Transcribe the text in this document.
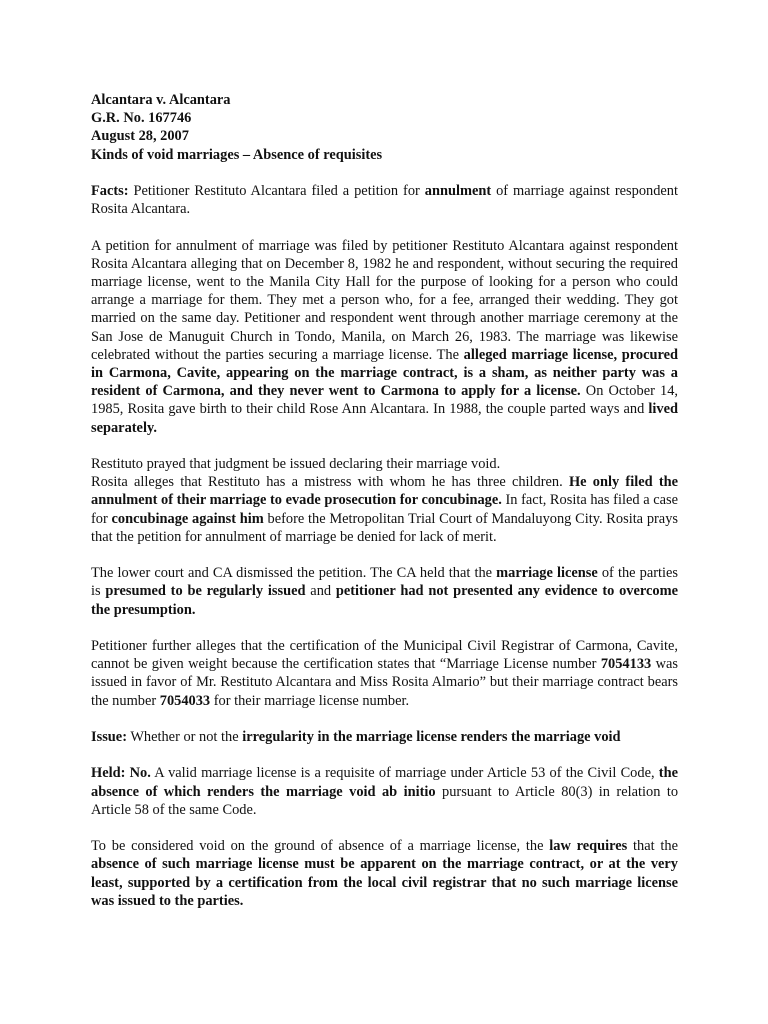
Alcantara v. Alcantara
G.R. No. 167746
August 28, 2007
Kinds of void marriages – Absence of requisites

Facts: Petitioner Restituto Alcantara filed a petition for annulment of marriage against respondent Rosita Alcantara.

A petition for annulment of marriage was filed by petitioner Restituto Alcantara against respondent Rosita Alcantara alleging that on December 8, 1982 he and respondent, without securing the required marriage license, went to the Manila City Hall for the purpose of looking for a person who could arrange a marriage for them. They met a person who, for a fee, arranged their wedding. They got married on the same day. Petitioner and respondent went through another marriage ceremony at the San Jose de Manuguit Church in Tondo, Manila, on March 26, 1983. The marriage was likewise celebrated without the parties securing a marriage license. The alleged marriage license, procured in Carmona, Cavite, appearing on the marriage contract, is a sham, as neither party was a resident of Carmona, and they never went to Carmona to apply for a license. On October 14, 1985, Rosita gave birth to their child Rose Ann Alcantara. In 1988, the couple parted ways and lived separately.

Restituto prayed that judgment be issued declaring their marriage void.

Rosita alleges that Restituto has a mistress with whom he has three children. He only filed the annulment of their marriage to evade prosecution for concubinage. In fact, Rosita has filed a case for concubinage against him before the Metropolitan Trial Court of Mandaluyong City. Rosita prays that the petition for annulment of marriage be denied for lack of merit.

The lower court and CA dismissed the petition. The CA held that the marriage license of the parties is presumed to be regularly issued and petitioner had not presented any evidence to overcome the presumption.

Petitioner further alleges that the certification of the Municipal Civil Registrar of Carmona, Cavite, cannot be given weight because the certification states that “Marriage License number 7054133 was issued in favor of Mr. Restituto Alcantara and Miss Rosita Almario” but their marriage contract bears the number 7054033 for their marriage license number.

Issue: Whether or not the irregularity in the marriage license renders the marriage void

Held: No. A valid marriage license is a requisite of marriage under Article 53 of the Civil Code, the absence of which renders the marriage void ab initio pursuant to Article 80(3) in relation to Article 58 of the same Code.

To be considered void on the ground of absence of a marriage license, the law requires that the absence of such marriage license must be apparent on the marriage contract, or at the very least, supported by a certification from the local civil registrar that no such marriage license was issued to the parties.
